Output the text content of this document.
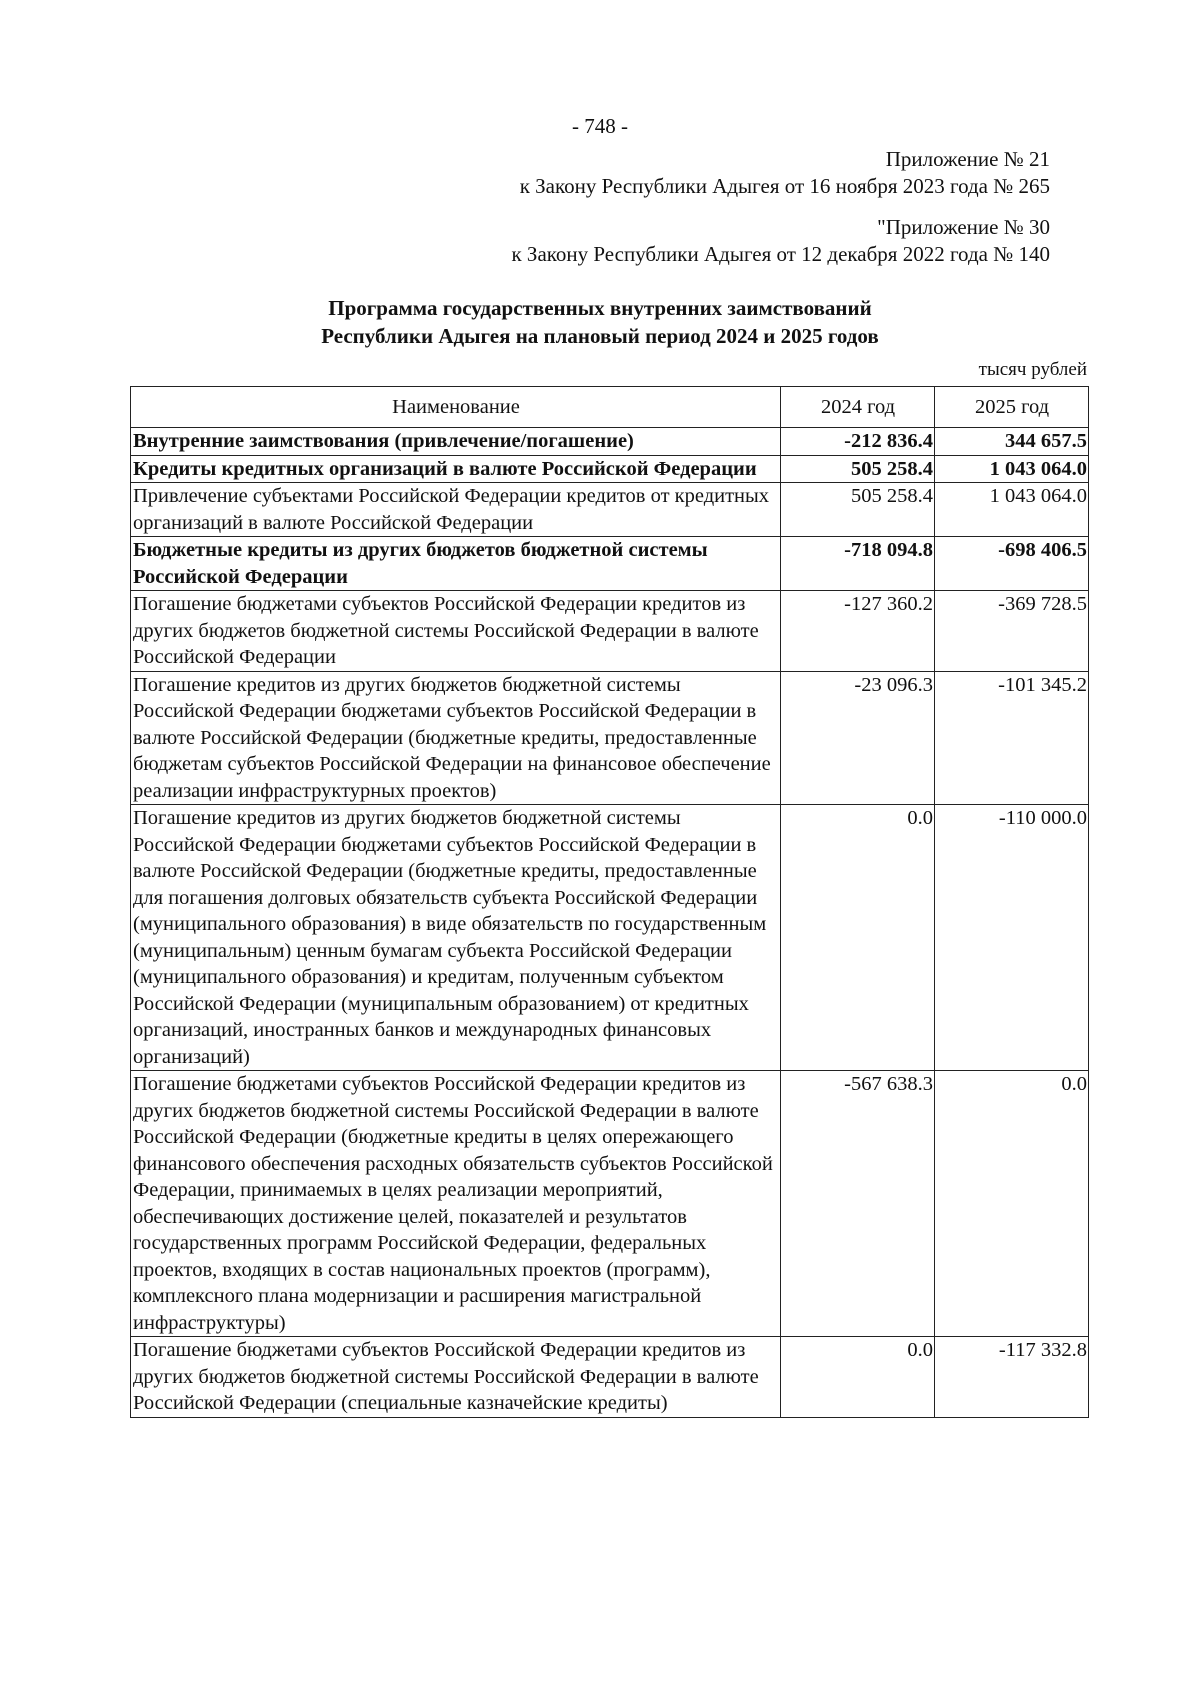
- 748 -
Приложение № 21
к Закону Республики Адыгея от 16 ноября 2023 года № 265
"Приложение № 30
к Закону Республики Адыгея от 12 декабря 2022 года № 140
Программа государственных внутренних заимствований
Республики Адыгея на плановый период 2024 и 2025 годов
тысяч рублей
Наименование	2024 год	2025 год
Внутренние заимствования (привлечение/погашение)	-212 836.4	344 657.5
Кредиты кредитных организаций в валюте Российской Федерации	505 258.4	1 043 064.0
Привлечение субъектами Российской Федерации кредитов от кредитных организаций в валюте Российской Федерации	505 258.4	1 043 064.0
Бюджетные кредиты из других бюджетов бюджетной системы Российской Федерации	-718 094.8	-698 406.5
Погашение бюджетами субъектов Российской Федерации кредитов из других бюджетов бюджетной системы Российской Федерации в валюте Российской Федерации	-127 360.2	-369 728.5
Погашение кредитов из других бюджетов бюджетной системы Российской Федерации бюджетами субъектов Российской Федерации в валюте Российской Федерации (бюджетные кредиты, предоставленные бюджетам субъектов Российской Федерации на финансовое обеспечение реализации инфраструктурных проектов)	-23 096.3	-101 345.2
Погашение кредитов из других бюджетов бюджетной системы Российской Федерации бюджетами субъектов Российской Федерации в валюте Российской Федерации (бюджетные кредиты, предоставленные для погашения долговых обязательств субъекта Российской Федерации (муниципального образования) в виде обязательств по государственным (муниципальным) ценным бумагам субъекта Российской Федерации (муниципального образования) и кредитам, полученным субъектом Российской Федерации (муниципальным образованием) от кредитных организаций, иностранных банков и международных финансовых организаций)	0.0	-110 000.0
Погашение бюджетами субъектов Российской Федерации кредитов из других бюджетов бюджетной системы Российской Федерации в валюте Российской Федерации (бюджетные кредиты в целях опережающего финансового обеспечения расходных обязательств субъектов Российской Федерации, принимаемых в целях реализации мероприятий, обеспечивающих достижение целей, показателей и результатов государственных программ Российской Федерации, федеральных проектов, входящих в состав национальных проектов (программ), комплексного плана модернизации и расширения магистральной инфраструктуры)	-567 638.3	0.0
Погашение бюджетами субъектов Российской Федерации кредитов из других бюджетов бюджетной системы Российской Федерации в валюте Российской Федерации (специальные казначейские кредиты)	0.0	-117 332.8
